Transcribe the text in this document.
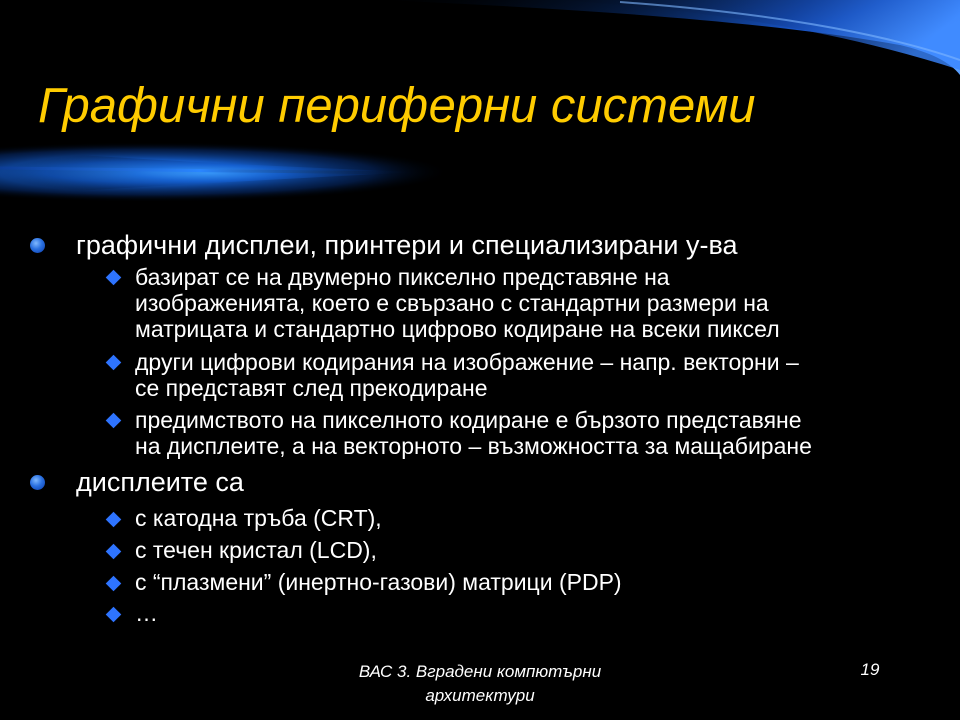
Графични периферни системи
графични дисплеи, принтери и специализирани у-ва
базират се на двумерно пикселно представяне на
изображенията, което е свързано с стандартни размери на
матрицата и стандартно цифрово кодиране на всеки пиксел
други цифрови кодирания на изображение – напр. векторни –
се представят след прекодиране
предимството на пикселното кодиране е бързото представяне
на дисплеите, а на векторното – възможността за мащабиране
дисплеите са
с катодна тръба (CRT),
с течен кристал (LCD),
с “плазмени” (инертно-газови) матрици (PDP)
…
ВАС 3. Вградени компютърни
архитектури
19
